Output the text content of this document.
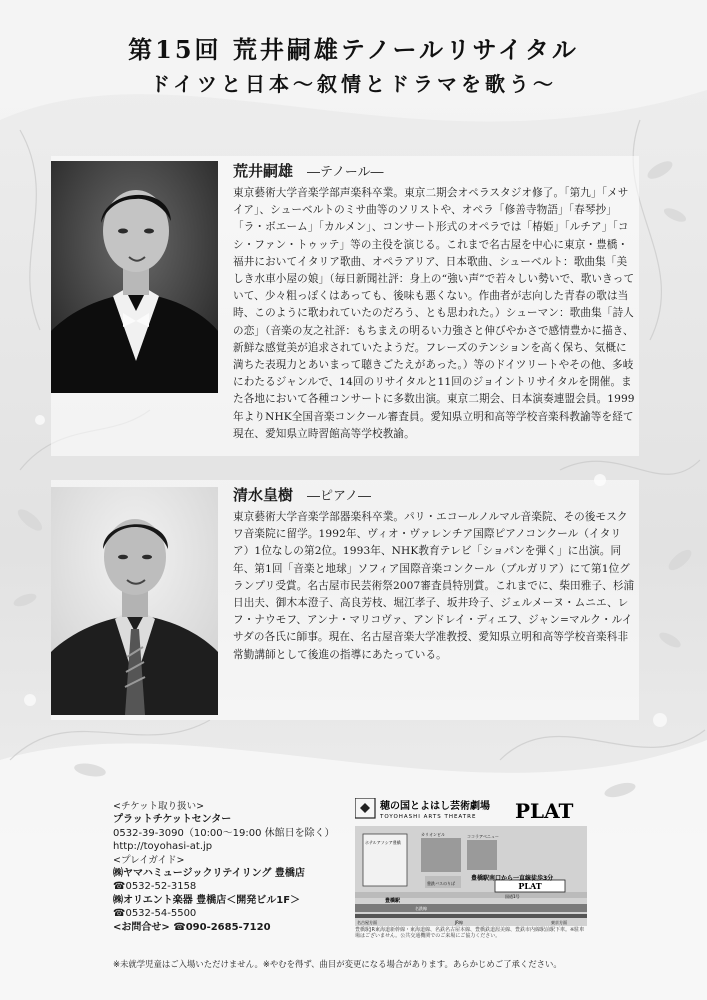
第15回 荒井嗣雄テノールリサイタル
ドイツと日本〜叙情とドラマを歌う〜
荒井嗣雄 ―テノール―

東京藝術大学音楽学部声楽科卒業。東京二期会オペラスタジオ修了。「第九」「メサイア」、シューベルトのミサ曲等のソリストや、オペラ「修善寺物語」「春琴抄」「ラ・ボエーム」「カルメン」、コンサート形式のオペラでは「椿姫」「ルチア」「コシ・ファン・トゥッテ」等の主役を演じる。これまで名古屋を中心に東京・豊橋・福井においてイタリア歌曲、オペラアリア、日本歌曲、シューベルト：歌曲集「美しき水車小屋の娘」（毎日新聞社評：身上の“強い声”で若々しい勢いで、歌いきっていて、少々粗っぽくはあっても、後味も悪くない。作曲者が志向した青春の歌は当時、このように歌われていたのだろう、とも思われた。）シューマン：歌曲集「詩人の恋」（音楽の友之社評：もちまえの明るい力強さと伸びやかさで感情豊かに描き、新鮮な感覚美が追求されていたようだ。フレーズのテンションを高く保ち、気概に満ちた表現力とあいまって聴きごたえがあった。）等のドイツリートやその他、多岐にわたるジャンルで、14回のリサイタルと11回のジョイントリサイタルを開催。また各地において各種コンサートに多数出演。東京二期会、日本演奏連盟会員。1999年よりNHK全国音楽コンクール審査員。愛知県立明和高等学校音楽科教諭等を経て現在、愛知県立時習館高等学校教諭。

清水皇樹 ―ピアノ―

東京藝術大学音楽学部器楽科卒業。パリ・エコールノルマル音楽院、その後モスクワ音楽院に留学。1992年、ヴィオ・ヴァレンチア国際ピアノコンクール（イタリア）1位なしの第2位。1993年、NHK教育テレビ「ショパンを弾く」に出演。同年、第1回「音楽と地球」ソフィア国際音楽コンクール（ブルガリア）にて第1位グランプリ受賞。名古屋市民芸術祭2007審査員特別賞。これまでに、柴田雅子、杉浦日出夫、御木本澄子、高良芳枝、堀江孝子、坂井玲子、ジェルメーヌ・ムニエ、レフ・ナウモフ、アンナ・マリコヴァ、アンドレイ・ディエフ、ジャン=マルク・ルイサダの各氏に師事。現在、名古屋音楽大学准教授、愛知県立明和高等学校音楽科非常勤講師として後進の指導にあたっている。

<チケット取り扱い>
プラットチケットセンター
0532-39-3090（10:00〜19:00 休館日を除く）
http://toyohasi-at.jp
<プレイガイド>
㈱ヤマハミュージックリテイリング 豊橋店
☎0532-52-3158
㈱オリエント楽器 豊橋店＜開発ビル1F＞
☎0532-54-5500
<お問合せ> ☎090-2685-7120
穂の国とよはし芸術劇場
TOYOHASHI ARTS THEATRE PLAT
PLAT
豊橋駅南口から一直線徒歩3分
ホテルアソシア豊橋
カリオンビル	ココラアベニュー
豊鉄バスのりば
豊橋駅
名鉄線
国道1号
JR線
名古屋方面	東京方面
豊橋駅JR東海道新幹線・東海道線、名鉄名古屋本線、豊橋鉄道渥美線、豊鉄市内線駅前駅下車。※駐車場はございません。公共交通機関でのご来場にご協力ください。
※未就学児童はご入場いただけません。※やむを得ず、曲目が変更になる場合があります。あらかじめご了承ください。
